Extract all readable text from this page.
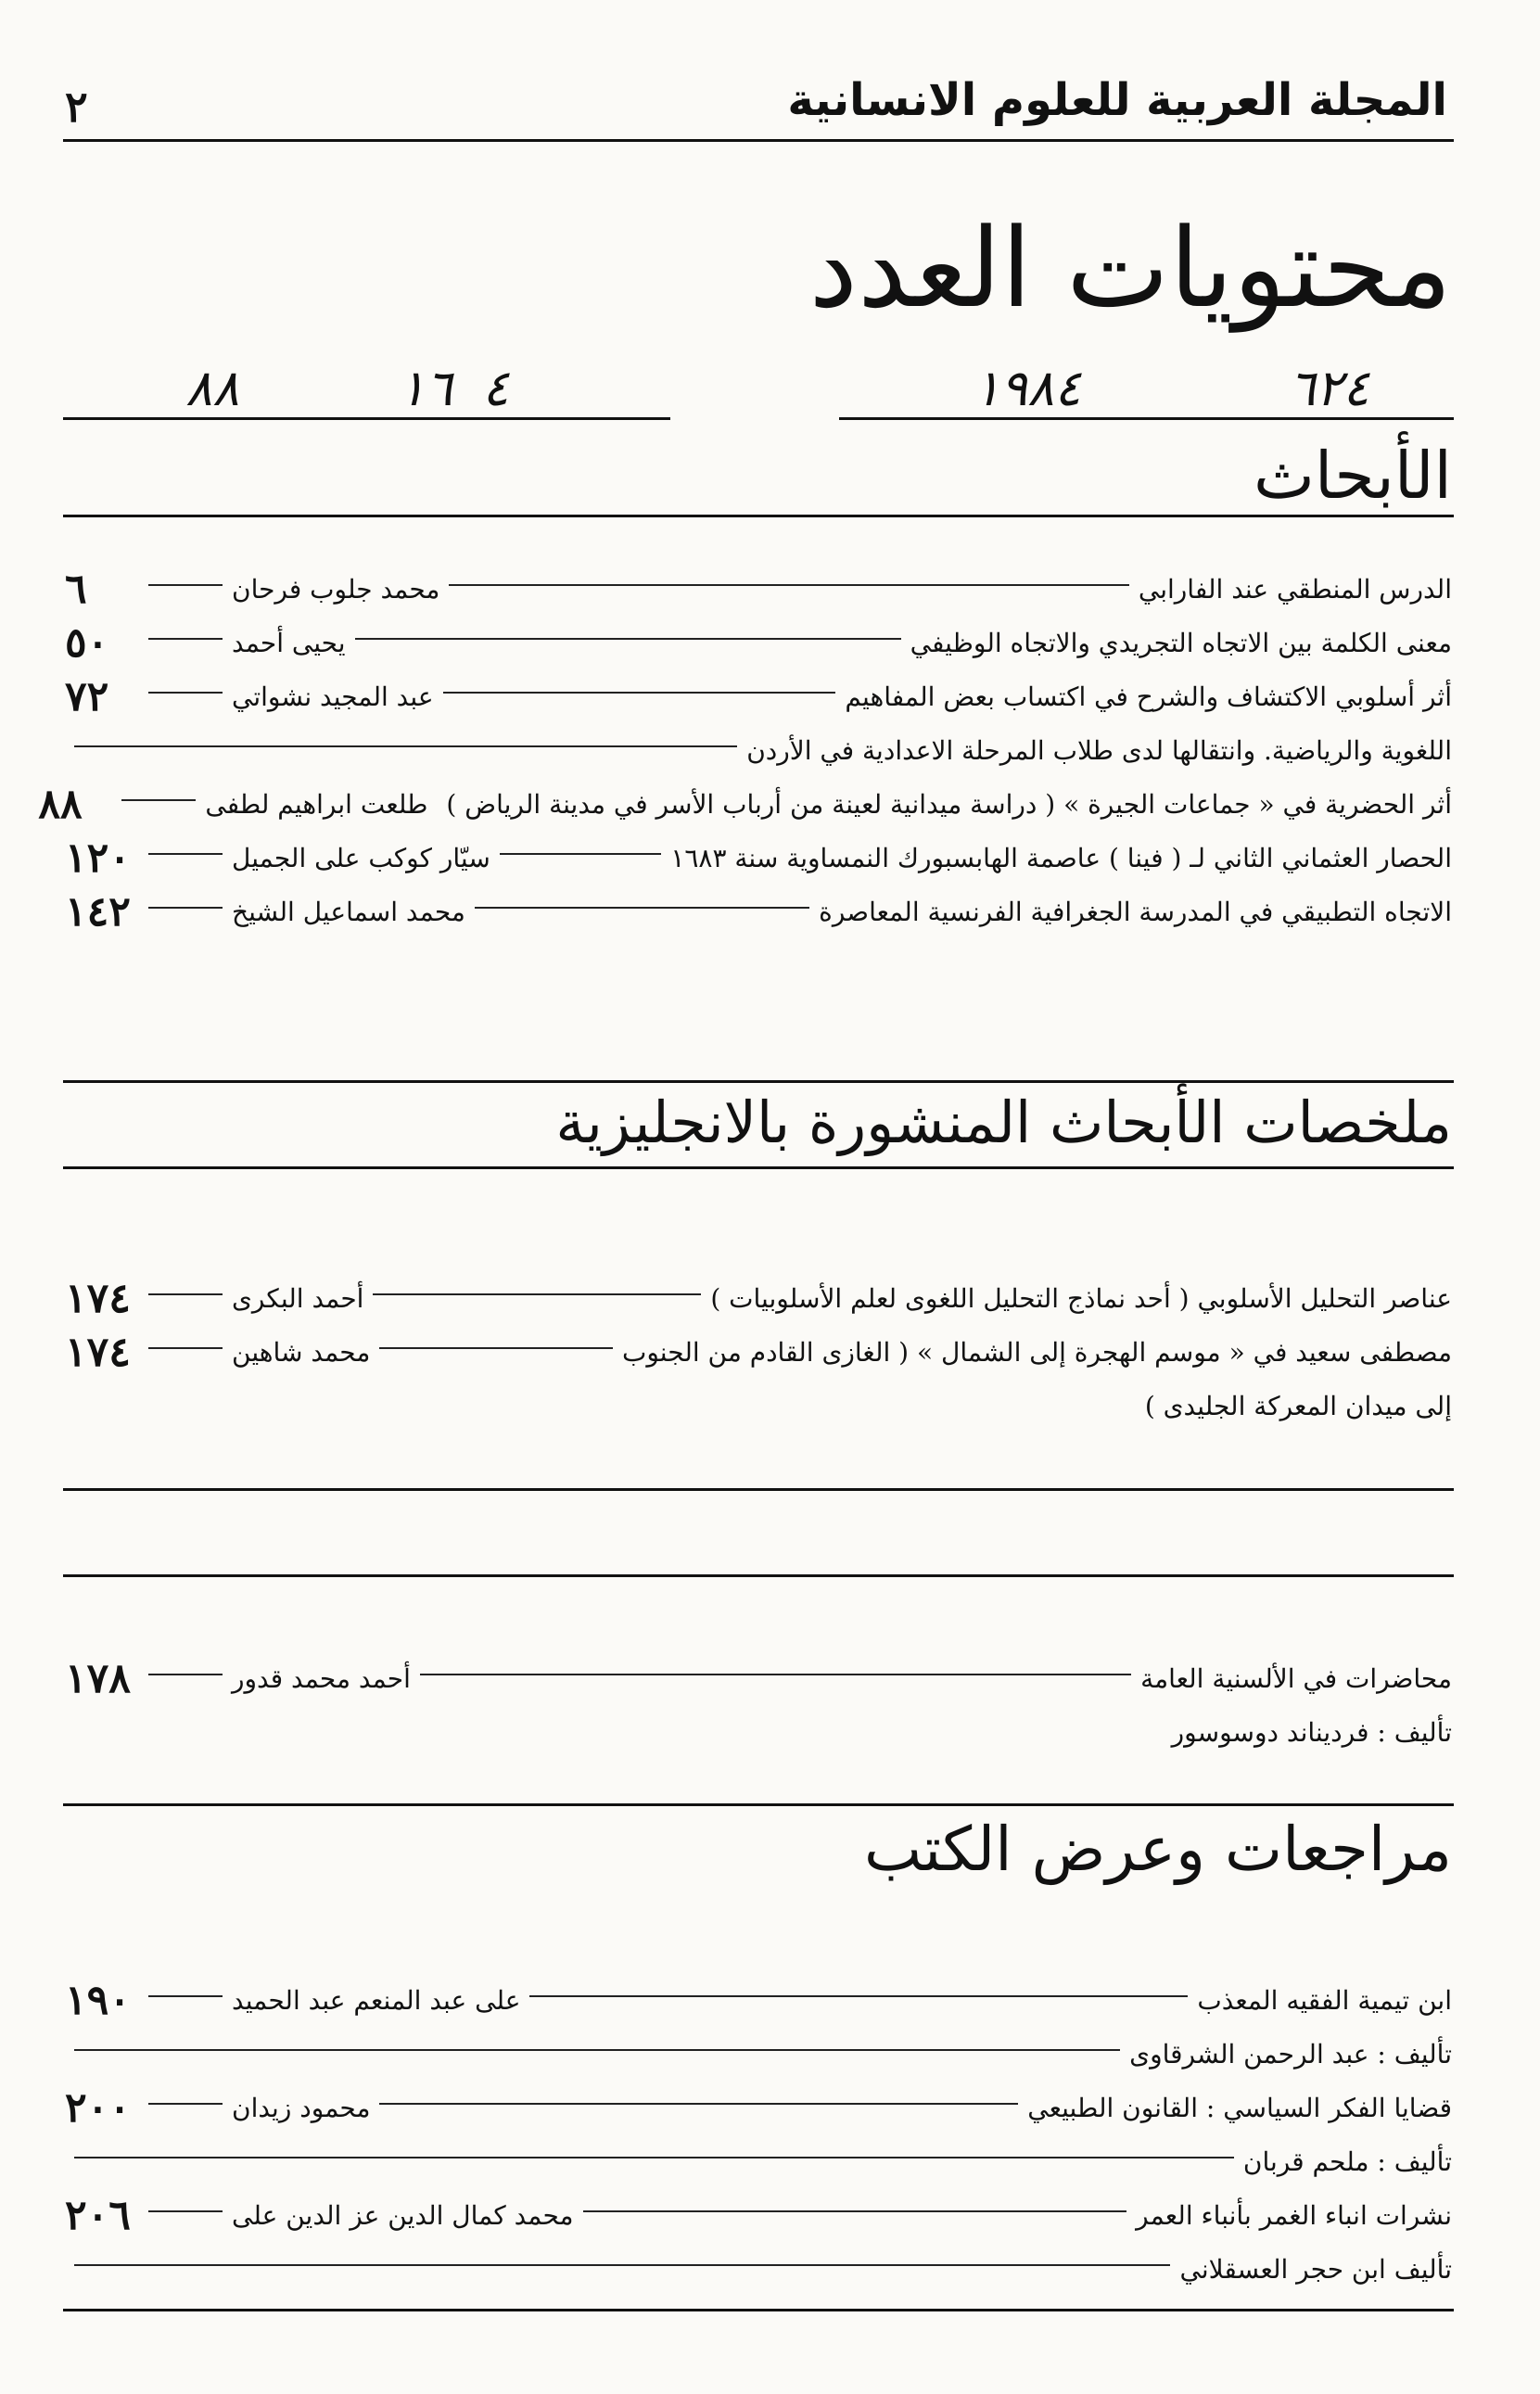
المجلة العربية للعلوم الانسانية
٢
محتويات العدد
٦٢٤
١٩٨٤
٤
١٦
٨٨
الأبحاث
الدرس المنطقي عند الفارابي
محمد جلوب فرحان
٦
معنى الكلمة بين الاتجاه التجريدي والاتجاه الوظيفي
يحيى أحمد
٥٠
أثر أسلوبي الاكتشاف والشرح في اكتساب بعض المفاهيم
عبد المجيد نشواتي
٧٢
اللغوية والرياضية. وانتقالها لدى طلاب المرحلة الاعدادية في الأردن
أثر الحضرية في « جماعات الجيرة » ( دراسة ميدانية لعينة من أرباب الأسر في مدينة الرياض )
طلعت ابراهيم لطفى
٨٨
الحصار العثماني الثاني لـ ( فينا ) عاصمة الهابسبورك النمساوية سنة ١٦٨٣
سيّار كوكب على الجميل
١٢٠
الاتجاه التطبيقي في المدرسة الجغرافية الفرنسية المعاصرة
محمد اسماعيل الشيخ
١٤٢
ملخصات الأبحاث المنشورة بالانجليزية
عناصر التحليل الأسلوبي ( أحد نماذج التحليل اللغوى لعلم الأسلوبيات )
أحمد البكرى
١٧٤
مصطفى سعيد في « موسم الهجرة إلى الشمال » ( الغازى القادم من الجنوب
محمد شاهين
١٧٤
إلى ميدان المعركة الجليدى )
محاضرات في الألسنية العامة
أحمد محمد قدور
١٧٨
تأليف : فرديناند دوسوسور
مراجعات وعرض الكتب
ابن تيمية الفقيه المعذب
على عبد المنعم عبد الحميد
١٩٠
تأليف : عبد الرحمن الشرقاوى
قضايا الفكر السياسي : القانون الطبيعي
محمود زيدان
٢٠٠
تأليف : ملحم قربان
نشرات انباء الغمر بأنباء العمر
محمد كمال الدين عز الدين على
٢٠٦
تأليف ابن حجر العسقلاني
